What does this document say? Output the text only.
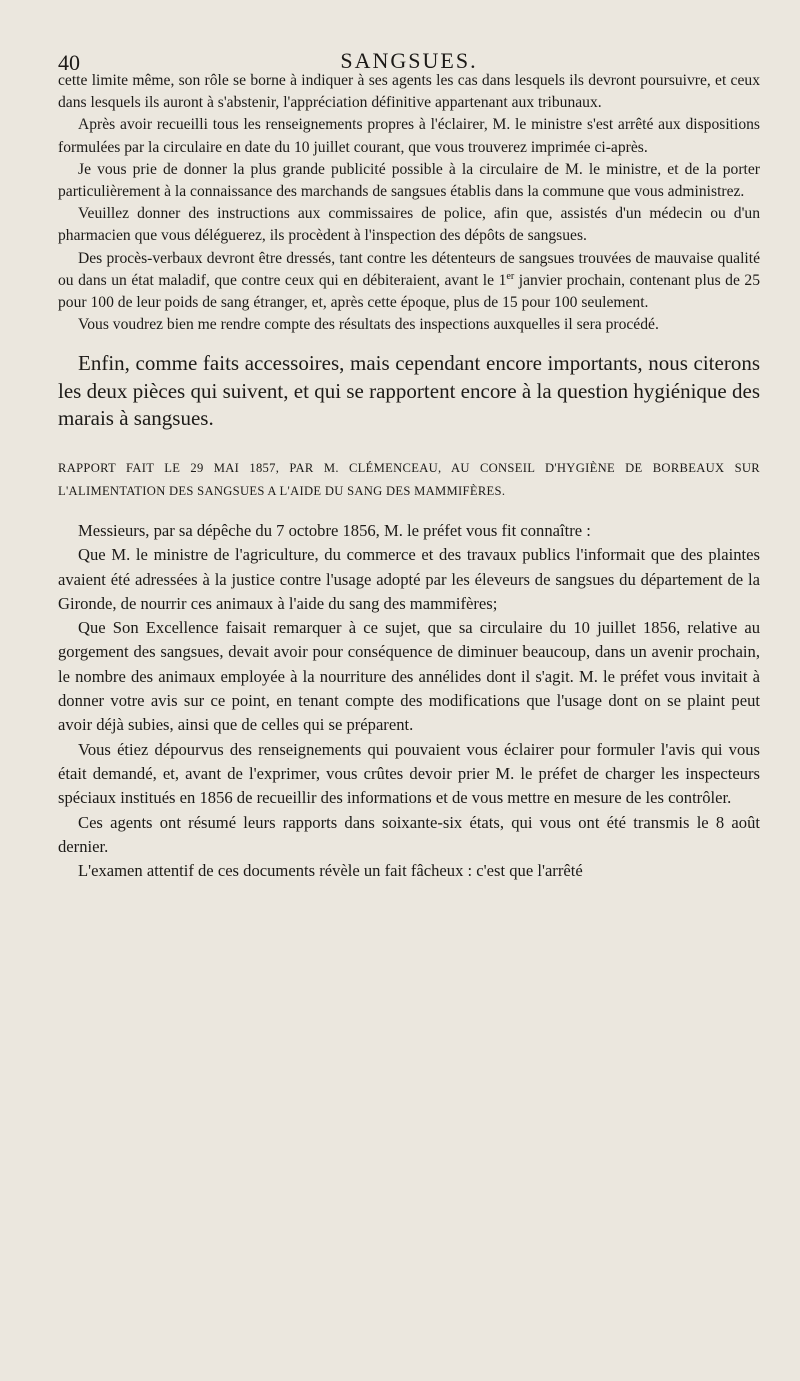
40	SANGSUES.

cette limite même, son rôle se borne à indiquer à ses agents les cas dans lesquels ils devront poursuivre, et ceux dans lesquels ils auront à s'abstenir, l'appréciation définitive appartenant aux tribunaux.

Après avoir recueilli tous les renseignements propres à l'éclairer, M. le ministre s'est arrêté aux dispositions formulées par la circulaire en date du 10 juillet courant, que vous trouverez imprimée ci-après.

Je vous prie de donner la plus grande publicité possible à la circulaire de M. le ministre, et de la porter particulièrement à la connaissance des marchands de sangsues établis dans la commune que vous administrez.

Veuillez donner des instructions aux commissaires de police, afin que, assistés d'un médecin ou d'un pharmacien que vous déléguerez, ils procèdent à l'inspection des dépôts de sangsues.

Des procès-verbaux devront être dressés, tant contre les détenteurs de sangsues trouvées de mauvaise qualité ou dans un état maladif, que contre ceux qui en débiteraient, avant le 1er janvier prochain, contenant plus de 25 pour 100 de leur poids de sang étranger, et, après cette époque, plus de 15 pour 100 seulement.

Vous voudrez bien me rendre compte des résultats des inspections auxquelles il sera procédé.

Enfin, comme faits accessoires, mais cependant encore importants, nous citerons les deux pièces qui suivent, et qui se rapportent encore à la question hygiénique des marais à sangsues.

RAPPORT FAIT LE 29 MAI 1857, PAR M. CLÉMENCEAU, AU CONSEIL D'HYGIÈNE DE BORBEAUX SUR L'ALIMENTATION DES SANGSUES A L'AIDE DU SANG DES MAMMIFÈRES.

Messieurs, par sa dépêche du 7 octobre 1856, M. le préfet vous fit connaître :

Que M. le ministre de l'agriculture, du commerce et des travaux publics l'informait que des plaintes avaient été adressées à la justice contre l'usage adopté par les éleveurs de sangsues du département de la Gironde, de nourrir ces animaux à l'aide du sang des mammifères;

Que Son Excellence faisait remarquer à ce sujet, que sa circulaire du 10 juillet 1856, relative au gorgement des sangsues, devait avoir pour conséquence de diminuer beaucoup, dans un avenir prochain, le nombre des animaux employée à la nourriture des annélides dont il s'agit. M. le préfet vous invitait à donner votre avis sur ce point, en tenant compte des modifications que l'usage dont on se plaint peut avoir déjà subies, ainsi que de celles qui se préparent.

Vous étiez dépourvus des renseignements qui pouvaient vous éclairer pour formuler l'avis qui vous était demandé, et, avant de l'exprimer, vous crûtes devoir prier M. le préfet de charger les inspecteurs spéciaux institués en 1856 de recueillir des informations et de vous mettre en mesure de les contrôler.

Ces agents ont résumé leurs rapports dans soixante-six états, qui vous ont été transmis le 8 août dernier.

L'examen attentif de ces documents révèle un fait fâcheux : c'est que l'arrêté
